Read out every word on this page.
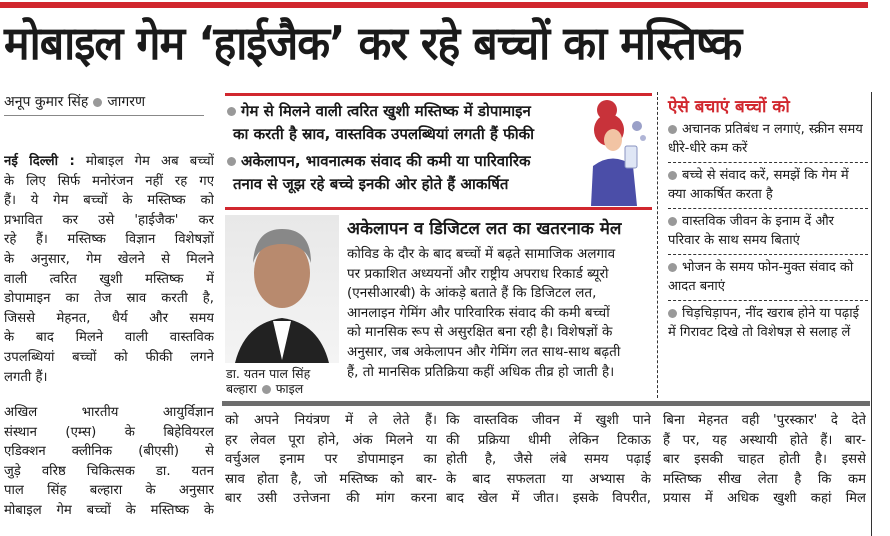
मोबाइल गेम ‘हाईजैक’ कर रहे बच्चों का मस्तिष्क
अनूप कुमार सिंह जागरण
नई दिल्ली : मोबाइल गेम अब बच्चों
के लिए सिर्फ मनोरंजन नहीं रह गए
हैं। ये गेम बच्चों के मस्तिष्क को
प्रभावित कर उसे 'हाईजैक' कर
रहे हैं। मस्तिष्क विज्ञान विशेषज्ञों
के अनुसार, गेम खेलने से मिलने
वाली त्वरित खुशी मस्तिष्क में
डोपामाइन का तेज स्राव करती है,
जिससे मेहनत, धैर्य और समय
के बाद मिलने वाली वास्तविक
उपलब्धियां बच्चों को फीकी लगने
लगती हैं।
अखिल भारतीय आयुर्विज्ञान
संस्थान (एम्स) के बिहेवियरल
एडिक्शन क्लीनिक (बीएसी) से
जुड़े वरिष्ठ चिकित्सक डा. यतन
पाल सिंह बल्हारा के अनुसार
मोबाइल गेम बच्चों के मस्तिष्क के
गेम से मिलने वाली त्वरित खुशी मस्तिष्क में डोपामाइन
का करती है स्राव, वास्तविक उपलब्धियां लगती हैं फीकी
अकेलापन, भावनात्मक संवाद की कमी या पारिवारिक
तनाव से जूझ रहे बच्चे इनकी ओर होते हैं आकर्षित
डा. यतन पाल सिंह
बल्हारा फाइल
अकेलापन व डिजिटल लत का खतरनाक मेल
कोविड के दौर के बाद बच्चों में बढ़ते सामाजिक अलगाव
पर प्रकाशित अध्ययनों और राष्ट्रीय अपराध रिकार्ड ब्यूरो
(एनसीआरबी) के आंकड़े बताते हैं कि डिजिटल लत,
आनलाइन गेमिंग और पारिवारिक संवाद की कमी बच्चों
को मानसिक रूप से असुरक्षित बना रही है। विशेषज्ञों के
अनुसार, जब अकेलापन और गेमिंग लत साथ-साथ बढ़ती
हैं, तो मानसिक प्रतिक्रिया कहीं अधिक तीव्र हो जाती है।
ऐसे बचाएं बच्चों को
अचानक प्रतिबंध न लगाएं, स्क्रीन समय धीरे-धीरे कम करें
बच्चे से संवाद करें, समझें कि गेम में क्या आकर्षित करता है
वास्तविक जीवन के इनाम दें और परिवार के साथ समय बिताएं
भोजन के समय फोन-मुक्त संवाद को आदत बनाएं
चिड़चिड़ापन, नींद खराब होने या पढ़ाई में गिरावट दिखे तो विशेषज्ञ से सलाह लें
को अपने नियंत्रण में ले लेते हैं।
हर लेवल पूरा होने, अंक मिलने या
वर्चुअल इनाम पर डोपामाइन का
स्राव होता है, जो मस्तिष्क को बार-
बार उसी उत्तेजना की मांग करना
कि वास्तविक जीवन में खुशी पाने
की प्रक्रिया धीमी लेकिन टिकाऊ
होती है, जैसे लंबे समय पढ़ाई
के बाद सफलता या अभ्यास के
बाद खेल में जीत। इसके विपरीत,
बिना मेहनत वही 'पुरस्कार' दे देते
हैं पर, यह अस्थायी होते हैं। बार-
बार इसकी चाहत होती है। इससे
मस्तिष्क सीख लेता है कि कम
प्रयास में अधिक खुशी कहां मिल
